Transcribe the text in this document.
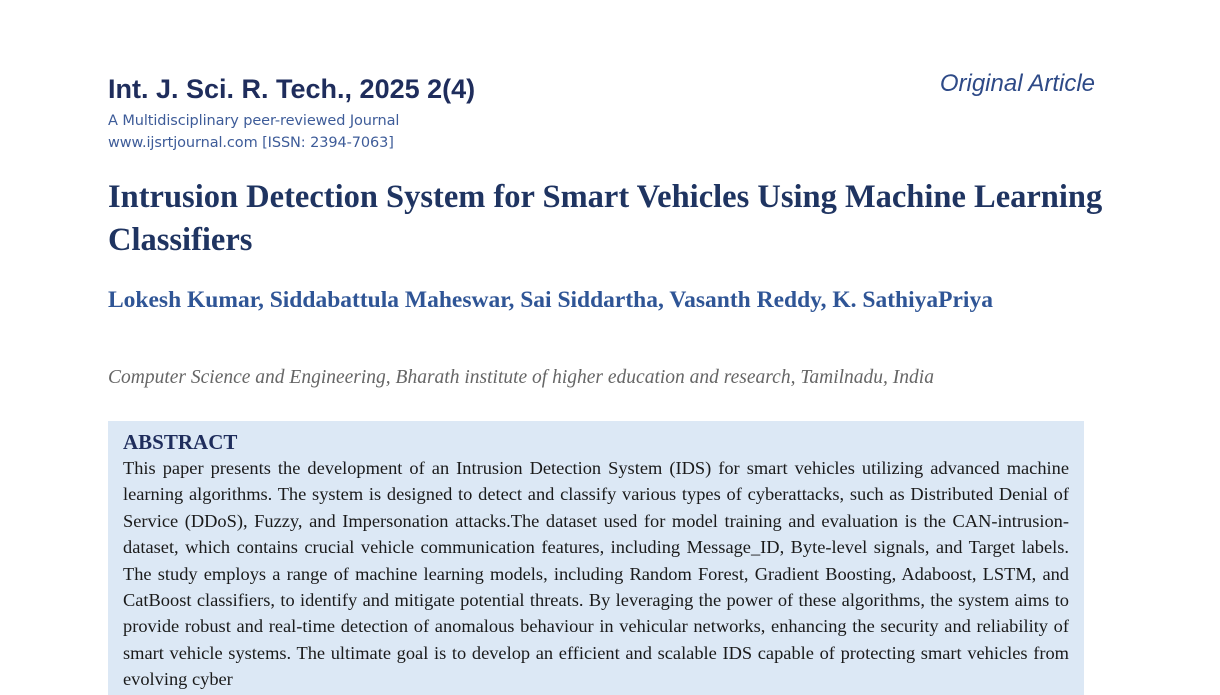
Int. J. Sci. R. Tech., 2025 2(4)	Original Article
A Multidisciplinary peer-reviewed Journal
www.ijsrtjournal.com [ISSN: 2394-7063]
Intrusion Detection System for Smart Vehicles Using Machine Learning Classifiers
Lokesh Kumar, Siddabattula Maheswar, Sai Siddartha, Vasanth Reddy, K. SathiyaPriya
Computer Science and Engineering, Bharath institute of higher education and research, Tamilnadu, India
ABSTRACT

This paper presents the development of an Intrusion Detection System (IDS) for smart vehicles utilizing advanced machine learning algorithms. The system is designed to detect and classify various types of cyberattacks, such as Distributed Denial of Service (DDoS), Fuzzy, and Impersonation attacks.The dataset used for model training and evaluation is the CAN-intrusion-dataset, which contains crucial vehicle communication features, including Message_ID, Byte-level signals, and Target labels. The study employs a range of machine learning models, including Random Forest, Gradient Boosting, Adaboost, LSTM, and CatBoost classifiers, to identify and mitigate potential threats. By leveraging the power of these algorithms, the system aims to provide robust and real-time detection of anomalous behaviour in vehicular networks, enhancing the security and reliability of smart vehicle systems. The ultimate goal is to develop an efficient and scalable IDS capable of protecting smart vehicles from evolving cyber
